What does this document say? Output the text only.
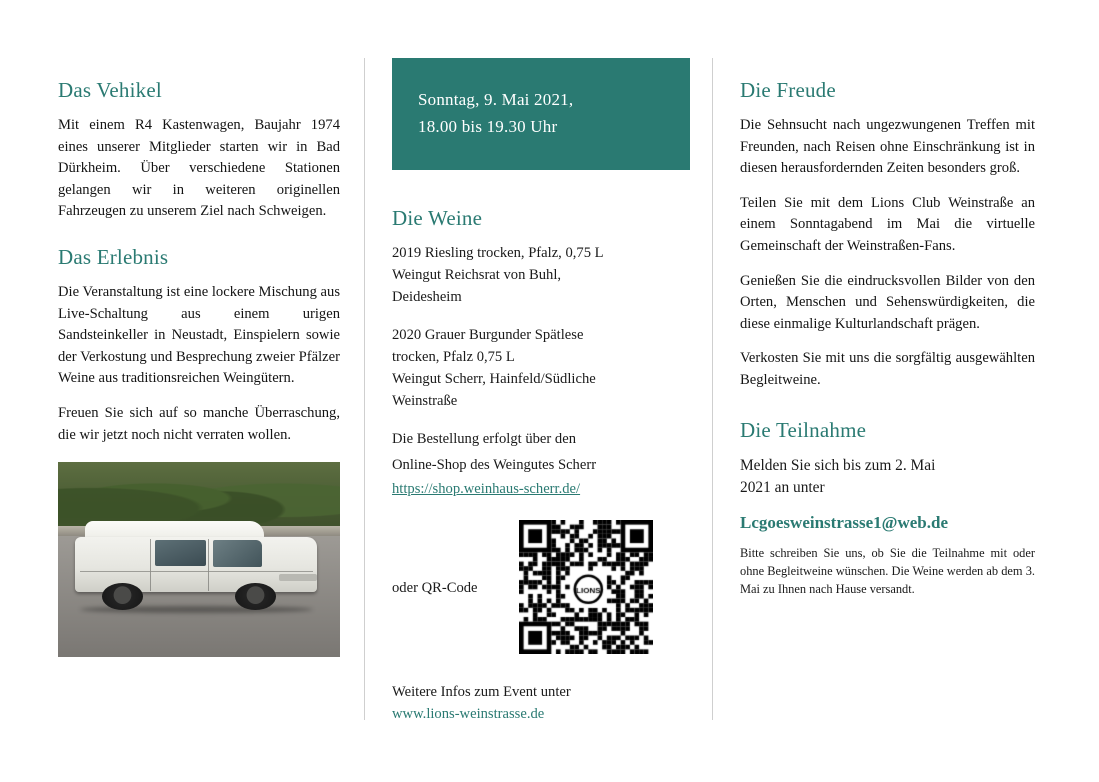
Das Vehikel

Mit einem R4 Kastenwagen, Baujahr 1974 eines unserer Mitglieder starten wir in Bad Dürkheim. Über verschiedene Stationen gelangen wir in weiteren originellen Fahrzeugen zu unserem Ziel nach Schweigen.

Das Erlebnis

Die Veranstaltung ist eine lockere Mischung aus Live-Schaltung aus einem urigen Sandsteinkeller in Neustadt, Einspielern sowie der Verkostung und Besprechung zweier Pfälzer Weine aus traditionsreichen Weingütern.

Freuen Sie sich auf so manche Überraschung, die wir jetzt noch nicht verraten wollen.

Sonntag, 9. Mai 2021,
18.00 bis 19.30 Uhr
Die Weine
2019 Riesling trocken, Pfalz, 0,75 L
Weingut Reichsrat von Buhl,
Deidesheim
2020 Grauer Burgunder Spätlese
trocken, Pfalz 0,75 L
Weingut Scherr, Hainfeld/Südliche
Weinstraße

Die Bestellung erfolgt über den

Online-Shop des Weingutes Scherr

https://shop.weinhaus-scherr.de/
oder QR-Code
Weitere Infos zum Event unter
www.lions-weinstrasse.de
Die Freude

Die Sehnsucht nach ungezwungenen Treffen mit Freunden, nach Reisen ohne Einschränkung ist in diesen herausfordernden Zeiten besonders groß.

Teilen Sie mit dem Lions Club Weinstraße an einem Sonntagabend im Mai die virtuelle Gemeinschaft der Weinstraßen-Fans.

Genießen Sie die eindrucksvollen Bilder von den Orten, Menschen und Sehenswürdigkeiten, die diese einmalige Kulturlandschaft prägen.

Verkosten Sie mit uns die sorgfältig ausgewählten Begleitweine.

Die Teilnahme

Melden Sie sich bis zum 2. Mai

2021 an unter

Lcgoesweinstrasse1@web.de

Bitte schreiben Sie uns, ob Sie die Teilnahme mit oder ohne Begleitweine wünschen. Die Weine werden ab dem 3. Mai zu Ihnen nach Hause versandt.
